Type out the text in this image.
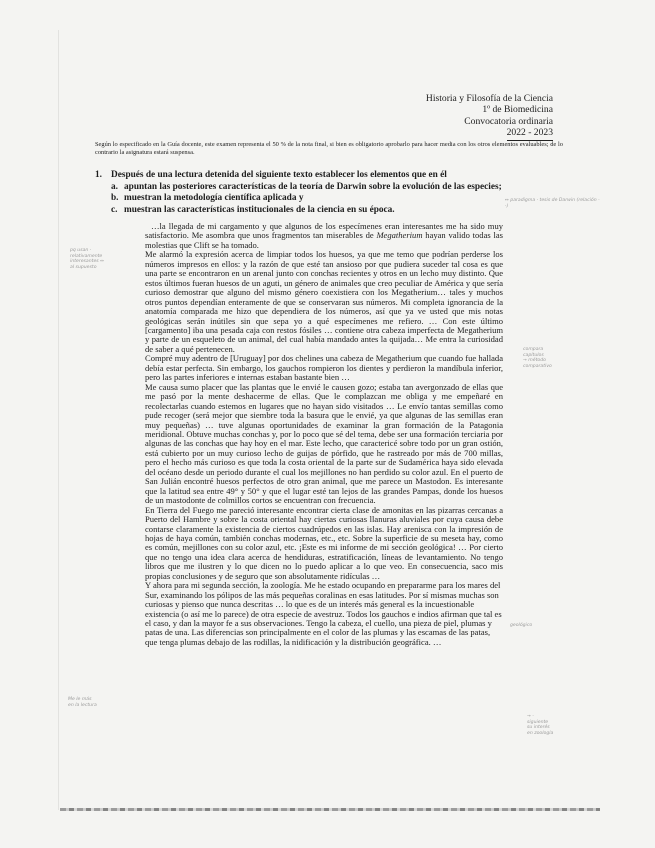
Historia y Filosofía de la Ciencia
1º de Biomedicina
Convocatoria ordinaria
2022 - 2023
Según lo especificado en la Guía docente, este examen representa el 50 % de la nota final, si bien es obligatorio aprobarlo para hacer media con los otros elementos evaluables; de lo contrario la asignatura estará suspensa.
1. Después de una lectura detenida del siguiente texto establecer los elementos que en él
a. apuntan las posteriores características de la teoría de Darwin sobre la evolución de las especies;
b. muestran la metodología científica aplicada y
c. muestran las características institucionales de la ciencia en su época.

…la llegada de mi cargamento y que algunos de los especímenes eran interesantes me ha sido muy satisfactorio. Me asombra que unos fragmentos tan miserables de Megatherium hayan valido todas las molestias que Clift se ha tomado.

Me alarmó la expresión acerca de limpiar todos los huesos, ya que me temo que podrían perderse los números impresos en ellos: y la razón de que esté tan ansioso por que pudiera suceder tal cosa es que una parte se encontraron en un arenal junto con conchas recientes y otros en un lecho muy distinto. Que estos últimos fueran huesos de un aguti, un género de animales que creo peculiar de América y que sería curioso demostrar que alguno del mismo género coexistiera con los Megatherium… tales y muchos otros puntos dependían enteramente de que se conservaran sus números. Mi completa ignorancia de la anatomía comparada me hizo que dependiera de los números, así que ya ve usted que mis notas geológicas serán inútiles sin que sepa yo a qué especímenes me refiero. … Con este último [cargamento] iba una pesada caja con restos fósiles … contiene otra cabeza imperfecta de Megatherium y parte de un esqueleto de un animal, del cual había mandado antes la quijada… Me entra la curiosidad de saber a qué pertenecen.

Compré muy adentro de [Uruguay] por dos chelines una cabeza de Megatherium que cuando fue hallada debía estar perfecta. Sin embargo, los gauchos rompieron los dientes y perdieron la mandíbula inferior, pero las partes inferiores e internas estaban bastante bien …

Me causa sumo placer que las plantas que le envié le causen gozo; estaba tan avergonzado de ellas que me pasó por la mente deshacerme de ellas. Que le complazcan me obliga y me empeñaré en recolectarlas cuando estemos en lugares que no hayan sido visitados … Le envío tantas semillas como pude recoger (será mejor que siembre toda la basura que le envié, ya que algunas de las semillas eran muy pequeñas) … tuve algunas oportunidades de examinar la gran formación de la Patagonia meridional. Obtuve muchas conchas y, por lo poco que sé del tema, debe ser una formación terciaria por algunas de las conchas que hay hoy en el mar. Este lecho, que caractericé sobre todo por un gran ostión, está cubierto por un muy curioso lecho de guijas de pórfido, que he rastreado por más de 700 millas, pero el hecho más curioso es que toda la costa oriental de la parte sur de Sudamérica haya sido elevada del océano desde un periodo durante el cual los mejillones no han perdido su color azul. En el puerto de San Julián encontré huesos perfectos de otro gran animal, que me parece un Mastodon. Es interesante que la latitud sea entre 49° y 50° y que el lugar esté tan lejos de las grandes Pampas, donde los huesos de un mastodonte de colmillos cortos se encuentran con frecuencia.

En Tierra del Fuego me pareció interesante encontrar cierta clase de amonitas en las pizarras cercanas a Puerto del Hambre y sobre la costa oriental hay ciertas curiosas llanuras aluviales por cuya causa debe contarse claramente la existencia de ciertos cuadrúpedos en las islas. Hay arenisca con la impresión de hojas de haya común, también conchas modernas, etc., etc. Sobre la superficie de su meseta hay, como es común, mejillones con su color azul, etc. ¡Este es mi informe de mi sección geológica! … Por cierto que no tengo una idea clara acerca de hendiduras, estratificación, líneas de levantamiento. No tengo libros que me ilustren y lo que dicen no lo puedo aplicar a lo que veo. En consecuencia, saco mis propias conclusiones y de seguro que son absolutamente ridículas …

Y ahora para mi segunda sección, la zoología. Me he estado ocupando en prepararme para los mares del Sur, examinando los pólipos de las más pequeñas coralinas en esas latitudes. Por sí mismas muchas son curiosas y pienso que nunca descritas … lo que es de un interés más general es la incuestionable existencia (o así me lo parece) de otra especie de avestruz. Todos los gauchos e indios afirman que tal es el caso, y dan la mayor fe a sus observaciones. Tengo la cabeza, el cuello, una pieza de piel, plumas y patas de una. Las diferencias son principalmente en el color de las plumas y las escamas de las patas, que tenga plumas debajo de las rodillas, la nidificación y la distribución geográfica. …

pq usan ·
relativamente
interesantes ↔
al supuesto
Me le más
en la lectura
↔ paradigma · tesis de Darwin (relación · ·)
compara
capítulos
→ método
comparativo
geológico
→ ·
siguiente
su interés
en zoología
